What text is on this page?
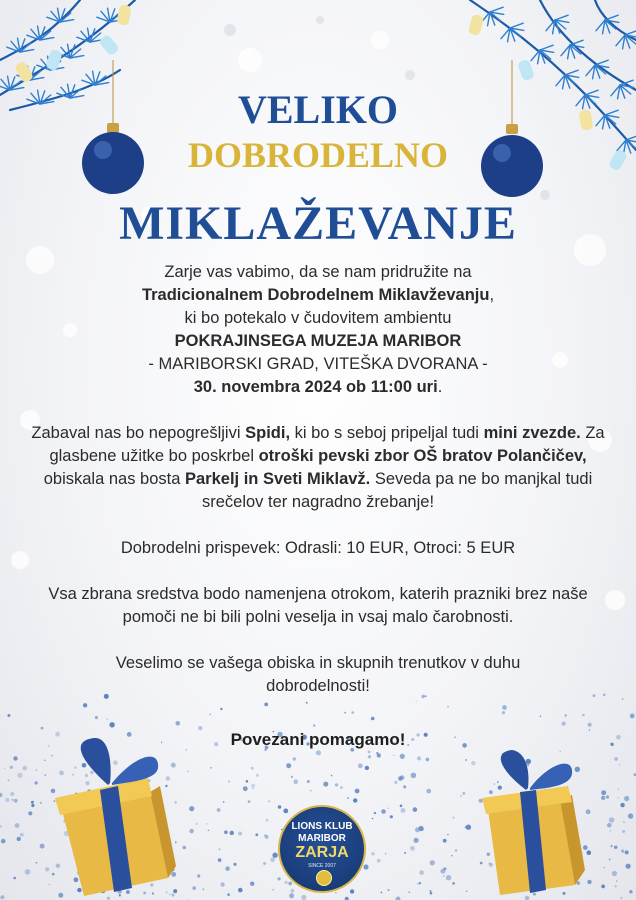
VELIKO
DOBRODELNO
MIKLAŽEVANJE

Zarje vas vabimo, da se nam pridružite na

Tradicionalnem Dobrodelnem Miklavževanju,

ki bo potekalo v čudovitem ambientu

POKRAJINSEGA MUZEJA MARIBOR

- MARIBORSKI GRAD, VITEŠKA DVORANA -

30. novembra 2024 ob 11:00 uri.

Zabaval nas bo nepogrešljivi Spidi, ki bo s seboj pripeljal tudi mini zvezde. Za glasbene užitke bo poskrbel otroški pevski zbor OŠ bratov Polančičev, obiskala nas bosta Parkelj in Sveti Miklavž. Seveda pa ne bo manjkal tudi srečelov ter nagradno žrebanje!

Dobrodelni prispevek: Odrasli: 10 EUR, Otroci: 5 EUR

Vsa zbrana sredstva bodo namenjena otrokom, katerih prazniki brez naše pomoči ne bi bili polni veselja in vsaj malo čarobnosti.

Veselimo se vašega obiska in skupnih trenutkov v duhu dobrodelnosti!

Povezani pomagamo!
LIONS KLUB
MARIBOR
ZARJA
SINCE 2007
